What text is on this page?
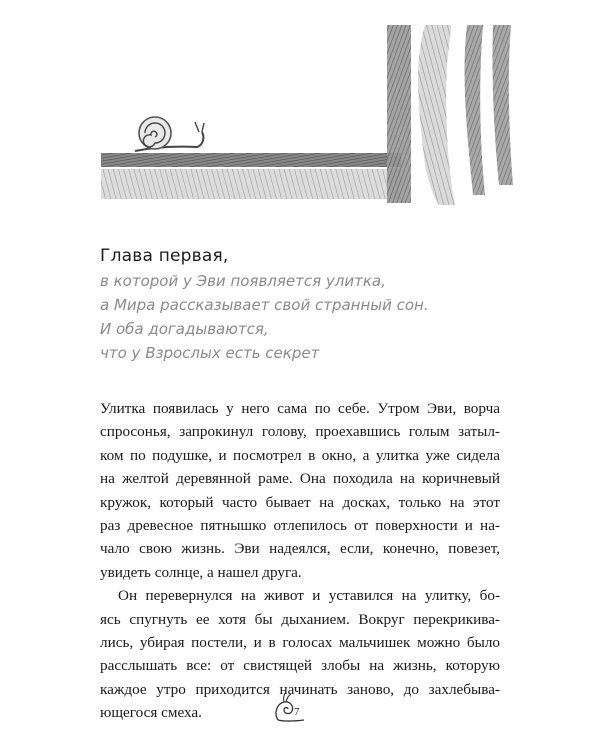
Глава первая,
в которой у Эви появляется улитка,
а Мира рассказывает свой странный сон.
И оба догадываются,
что у Взрослых есть секрет
Улитка появилась у него сама по себе. Утром Эви, ворча
спросонья, запрокинул голову, проехавшись голым затыл-
ком по подушке, и посмотрел в окно, а улитка уже сидела
на желтой деревянной раме. Она походила на коричневый
кружок, который часто бывает на досках, только на этот
раз древесное пятнышко отлепилось от поверхности и на-
чало свою жизнь. Эви надеялся, если, конечно, повезет,
увидеть солнце, а нашел друга.
Он перевернулся на живот и уставился на улитку, бо-
ясь спугнуть ее хотя бы дыханием. Вокруг перекрикива-
лись, убирая постели, и в голосах мальчишек можно было
расслышать все: от свистящей злобы на жизнь, которую
каждое утро приходится начинать заново, до захлебыва-
ющегося смеха.	7
